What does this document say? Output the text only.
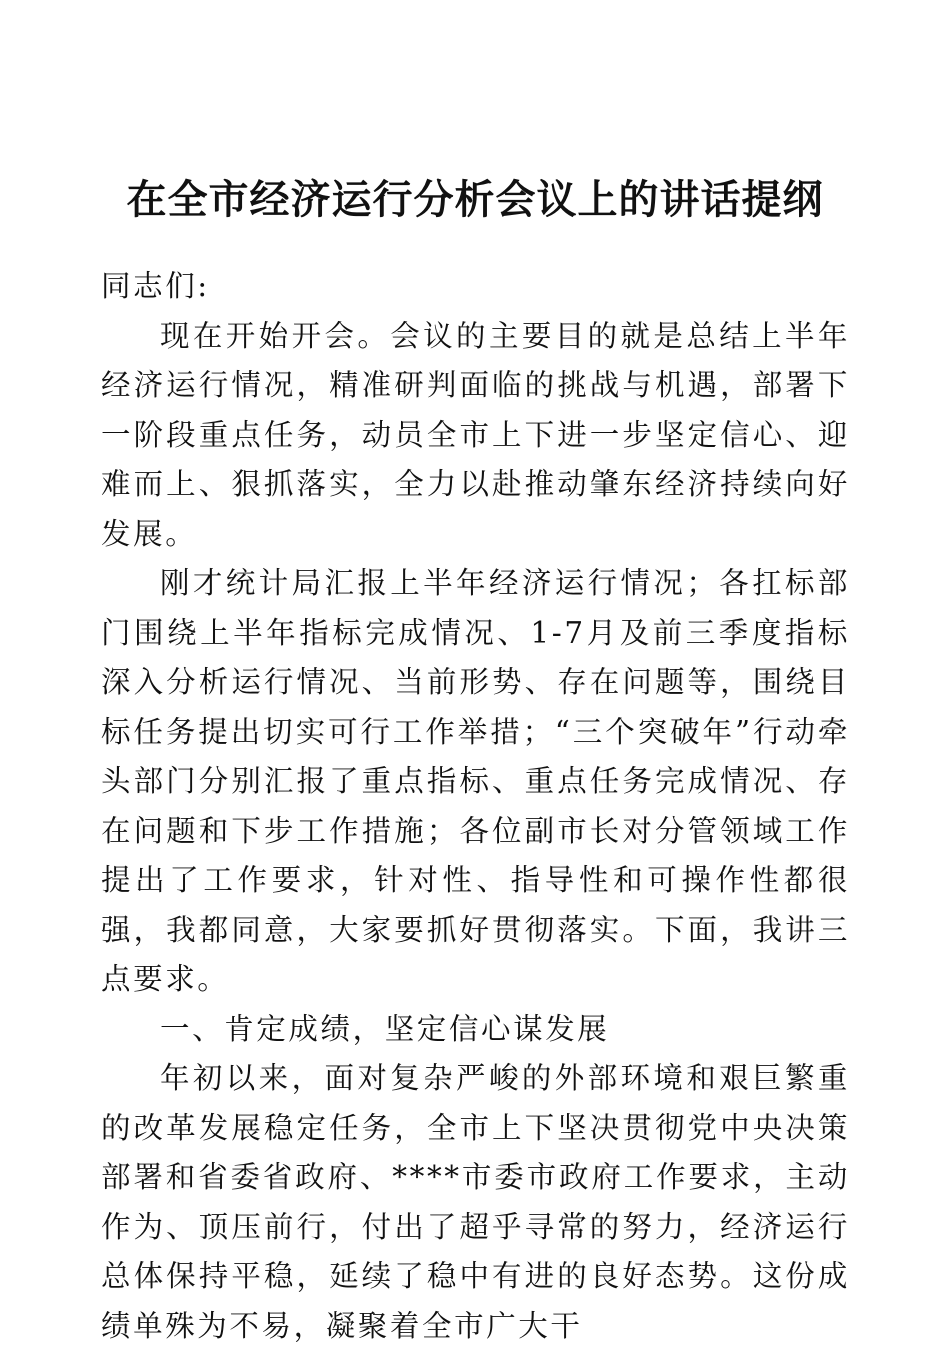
在全市经济运行分析会议上的讲话提纲

同志们:

现在开始开会。会议的主要目的就是总结上半年经济运行情况，精准研判面临的挑战与机遇，部署下一阶段重点任务，动员全市上下进一步坚定信心、迎难而上、狠抓落实，全力以赴推动肇东经济持续向好发展。

刚才统计局汇报上半年经济运行情况；各扛标部门围绕上半年指标完成情况、1-7月及前三季度指标深入分析运行情况、当前形势、存在问题等，围绕目标任务提出切实可行工作举措；“三个突破年”行动牵头部门分别汇报了重点指标、重点任务完成情况、存在问题和下步工作措施；各位副市长对分管领域工作提出了工作要求，针对性、指导性和可操作性都很强，我都同意，大家要抓好贯彻落实。下面，我讲三点要求。

一、肯定成绩，坚定信心谋发展

年初以来，面对复杂严峻的外部环境和艰巨繁重的改革发展稳定任务，全市上下坚决贯彻党中央决策部署和省委省政府、****市委市政府工作要求，主动作为、顶压前行，付出了超乎寻常的努力，经济运行总体保持平稳，延续了稳中有进的良好态势。这份成绩单殊为不易，凝聚着全市广大干
